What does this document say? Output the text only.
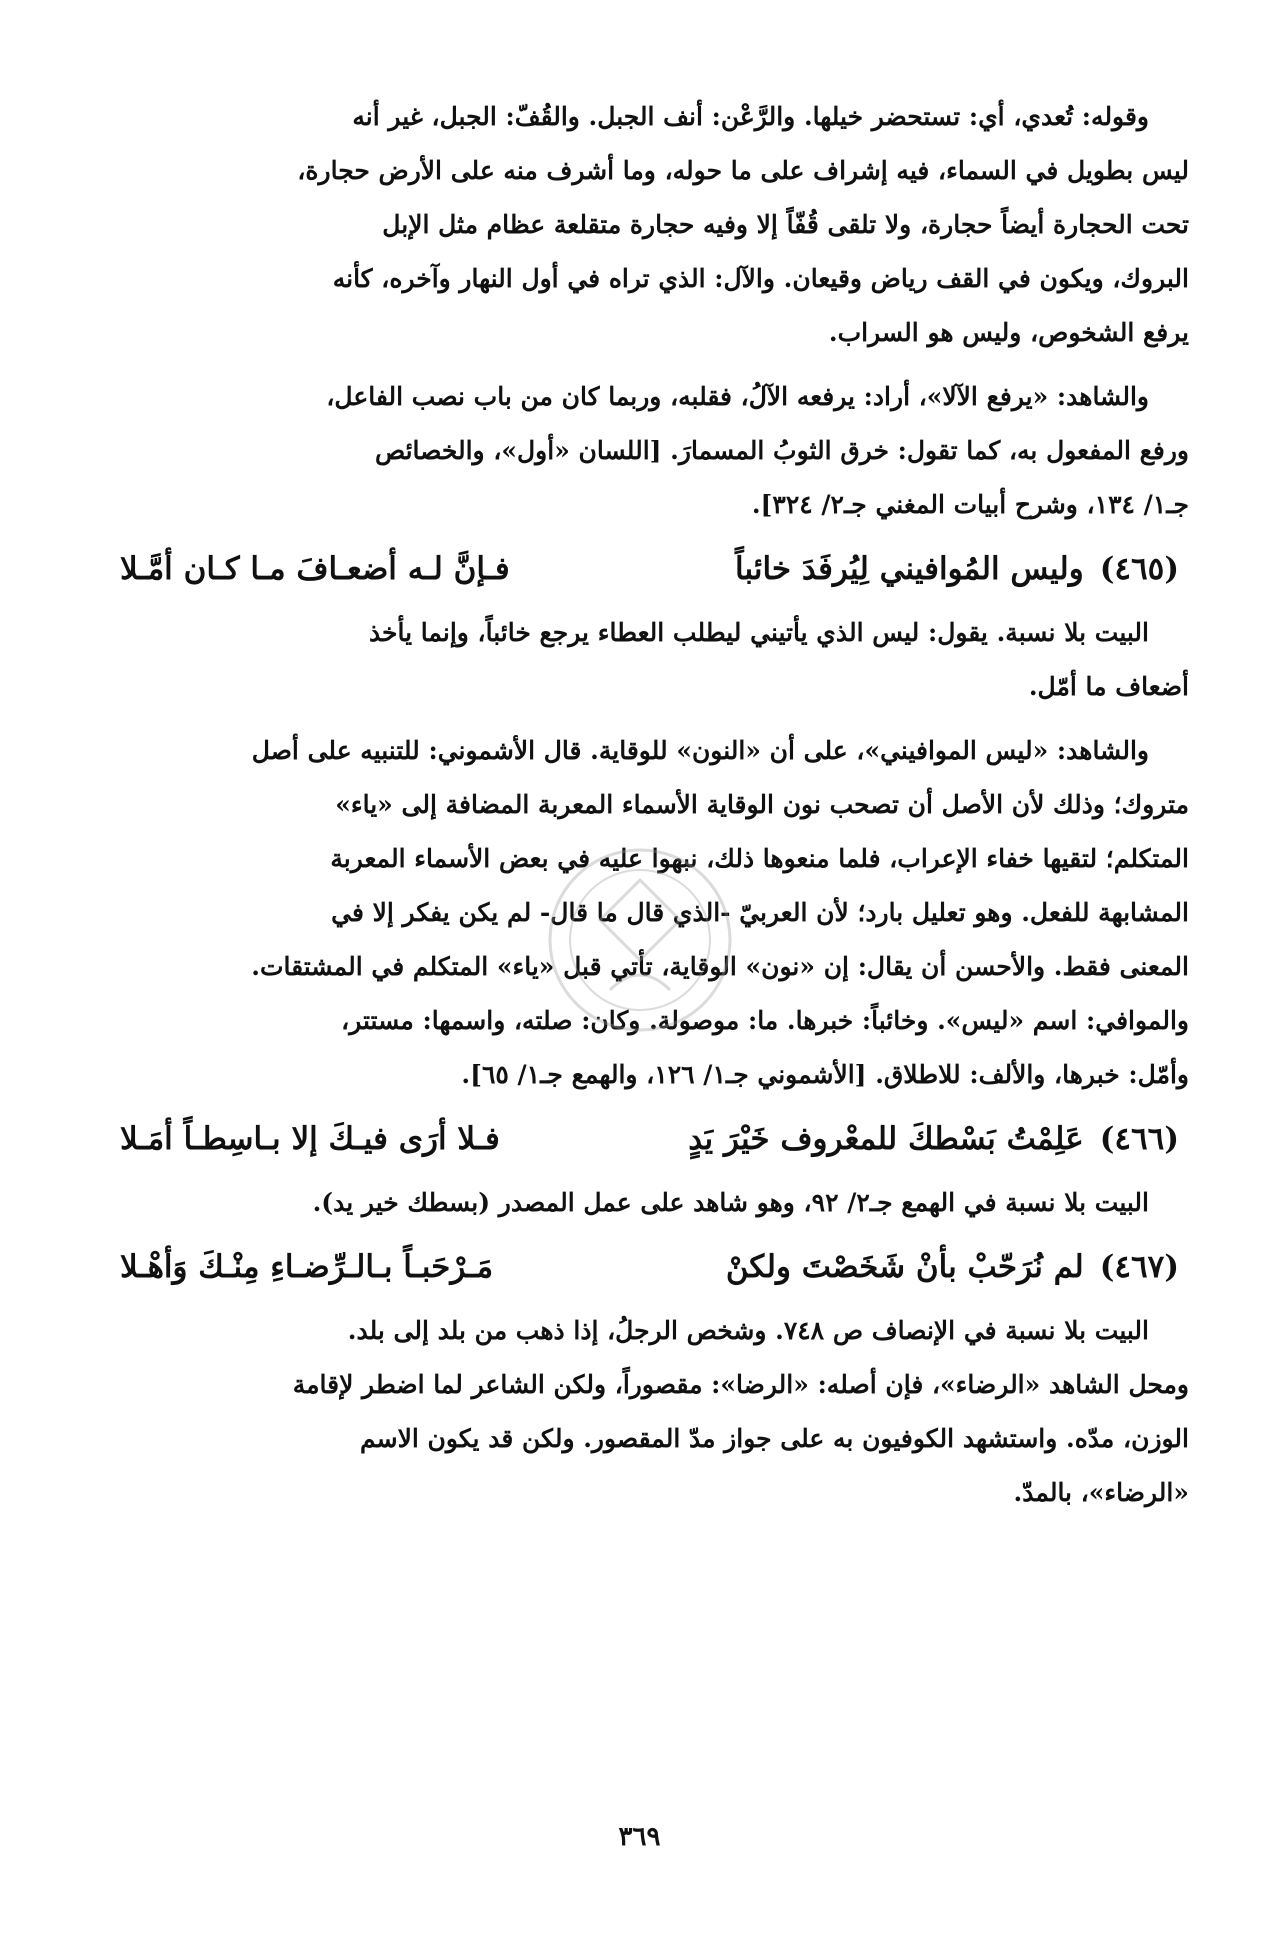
وقوله: تُعدي، أي: تستحضر خيلها. والرَّعْن: أنف الجبل. والقُفّ: الجبل، غير أنه
ليس بطويل في السماء، فيه إشراف على ما حوله، وما أشرف منه على الأرض حجارة،
تحت الحجارة أيضاً حجارة، ولا تلقى قُفّاً إلا وفيه حجارة متقلعة عظام مثل الإبل
البروك، ويكون في القف رياض وقيعان. والآل: الذي تراه في أول النهار وآخره، كأنه
يرفع الشخوص، وليس هو السراب.
والشاهد: «يرفع الآلا»، أراد: يرفعه الآلُ، فقلبه، وربما كان من باب نصب الفاعل،
ورفع المفعول به، كما تقول: خرق الثوبُ المسمارَ. [اللسان «أول»، والخصائص
جـ١/ ١٣٤، وشرح أبيات المغني جـ٢/ ٣٢٤].
(٤٦٥)
وليس المُوافيني لِيُرفَدَ خائباً
فـإنَّ لـه أضعـافَ مـا كـان أمَّـلا
البيت بلا نسبة. يقول: ليس الذي يأتيني ليطلب العطاء يرجع خائباً، وإنما يأخذ
أضعاف ما أمّل.
والشاهد: «ليس الموافيني»، على أن «النون» للوقاية. قال الأشموني: للتنبيه على أصل
متروك؛ وذلك لأن الأصل أن تصحب نون الوقاية الأسماء المعربة المضافة إلى «ياء»
المتكلم؛ لتقيها خفاء الإعراب، فلما منعوها ذلك، نبهوا عليه في بعض الأسماء المعربة
المشابهة للفعل. وهو تعليل بارد؛ لأن العربيّ -الذي قال ما قال- لم يكن يفكر إلا في
المعنى فقط. والأحسن أن يقال: إن «نون» الوقاية، تأتي قبل «ياء» المتكلم في المشتقات.
والموافي: اسم «ليس». وخائباً: خبرها. ما: موصولة. وكان: صلته، واسمها: مستتر،
وأمّل: خبرها، والألف: للاطلاق. [الأشموني جـ١/ ١٢٦، والهمع جـ١/ ٦٥].
(٤٦٦)
عَلِمْتُ بَسْطكَ للمعْروف خَيْرَ يَدٍ
فـلا أرَى فيـكَ إلا بـاسِطـاً أمَـلا
البيت بلا نسبة في الهمع جـ٢/ ٩٢، وهو شاهد على عمل المصدر (بسطك خير يد).
(٤٦٧)
لم نُرَحّبْ بأنْ شَخَصْتَ ولكنْ
مَـرْحَبـاً بـالـرِّضـاءِ مِنْـكَ وَأهْـلا
البيت بلا نسبة في الإنصاف ص ٧٤٨. وشخص الرجلُ، إذا ذهب من بلد إلى بلد.
ومحل الشاهد «الرضاء»، فإن أصله: «الرضا»: مقصوراً، ولكن الشاعر لما اضطر لإقامة
الوزن، مدّه. واستشهد الكوفيون به على جواز مدّ المقصور. ولكن قد يكون الاسم
«الرضاء»، بالمدّ.
٣٦٩
